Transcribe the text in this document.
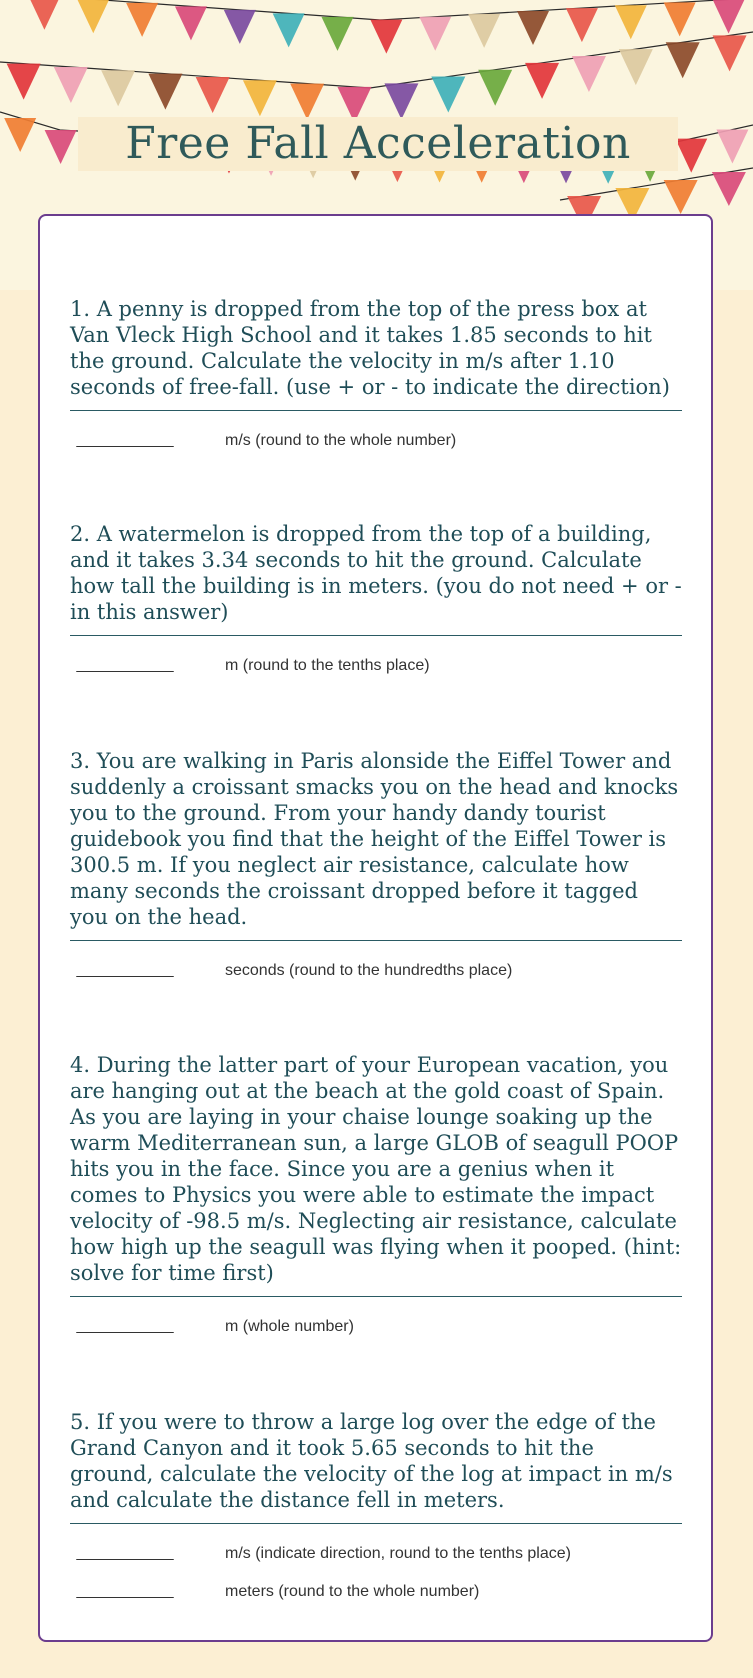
Free Fall Acceleration

1. A penny is dropped from the top of the press box at Van Vleck High School and it takes 1.85 seconds to hit the ground. Calculate the velocity in m/s after 1.10 seconds of free-fall. (use + or - to indicate the direction)

m/s (round to the whole number)

2. A watermelon is dropped from the top of a building, and it takes 3.34 seconds to hit the ground. Calculate how tall the building is in meters. (you do not need + or - in this answer)

m (round to the tenths place)

3. You are walking in Paris alonside the Eiffel Tower and suddenly a croissant smacks you on the head and knocks you to the ground. From your handy dandy tourist guidebook you find that the height of the Eiffel Tower is 300.5 m. If you neglect air resistance, calculate how many seconds the croissant dropped before it tagged you on the head.

seconds (round to the hundredths place)

4. During the latter part of your European vacation, you are hanging out at the beach at the gold coast of Spain. As you are laying in your chaise lounge soaking up the warm Mediterranean sun, a large GLOB of seagull POOP hits you in the face. Since you are a genius when it comes to Physics you were able to estimate the impact velocity of -98.5 m/s. Neglecting air resistance, calculate how high up the seagull was flying when it pooped. (hint: solve for time first)

m (whole number)

5. If you were to throw a large log over the edge of the Grand Canyon and it took 5.65 seconds to hit the ground, calculate the velocity of the log at impact in m/s and calculate the distance fell in meters.

m/s (indicate direction, round to the tenths place)
meters (round to the whole number)
